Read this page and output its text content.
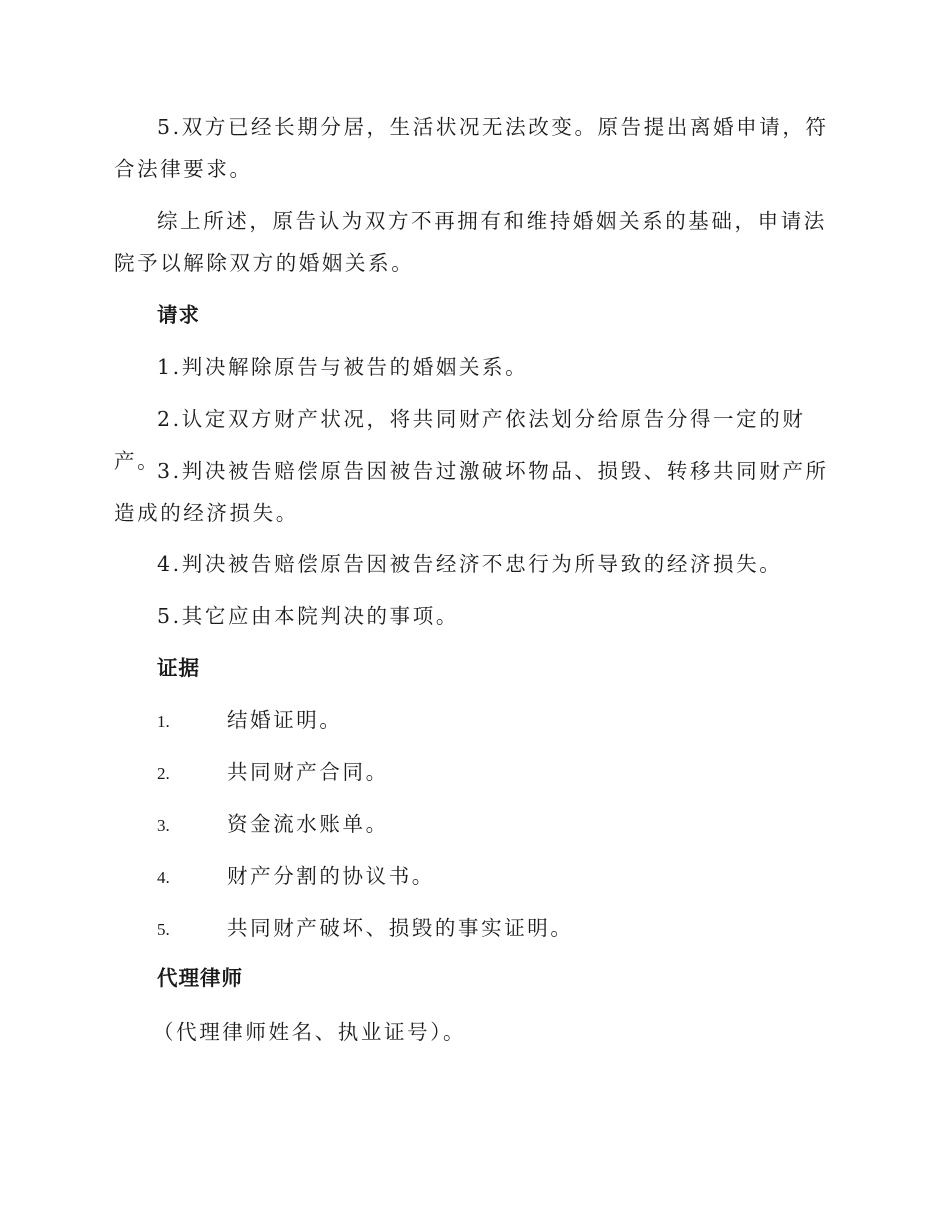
5.双方已经长期分居，生活状况无法改变。原告提出离婚申请，符合法律要求。

综上所述，原告认为双方不再拥有和维持婚姻关系的基础，申请法院予以解除双方的婚姻关系。

请求

1.判决解除原告与被告的婚姻关系。

2.认定双方财产状况，将共同财产依法划分给原告分得一定的财产。

3.判决被告赔偿原告因被告过激破坏物品、损毁、转移共同财产所造成的经济损失。

4.判决被告赔偿原告因被告经济不忠行为所导致的经济损失。

5.其它应由本院判决的事项。

证据

1.	结婚证明。

2.	共同财产合同。

3.	资金流水账单。

4.	财产分割的协议书。

5.	共同财产破坏、损毁的事实证明。

代理律师

（代理律师姓名、执业证号）。
